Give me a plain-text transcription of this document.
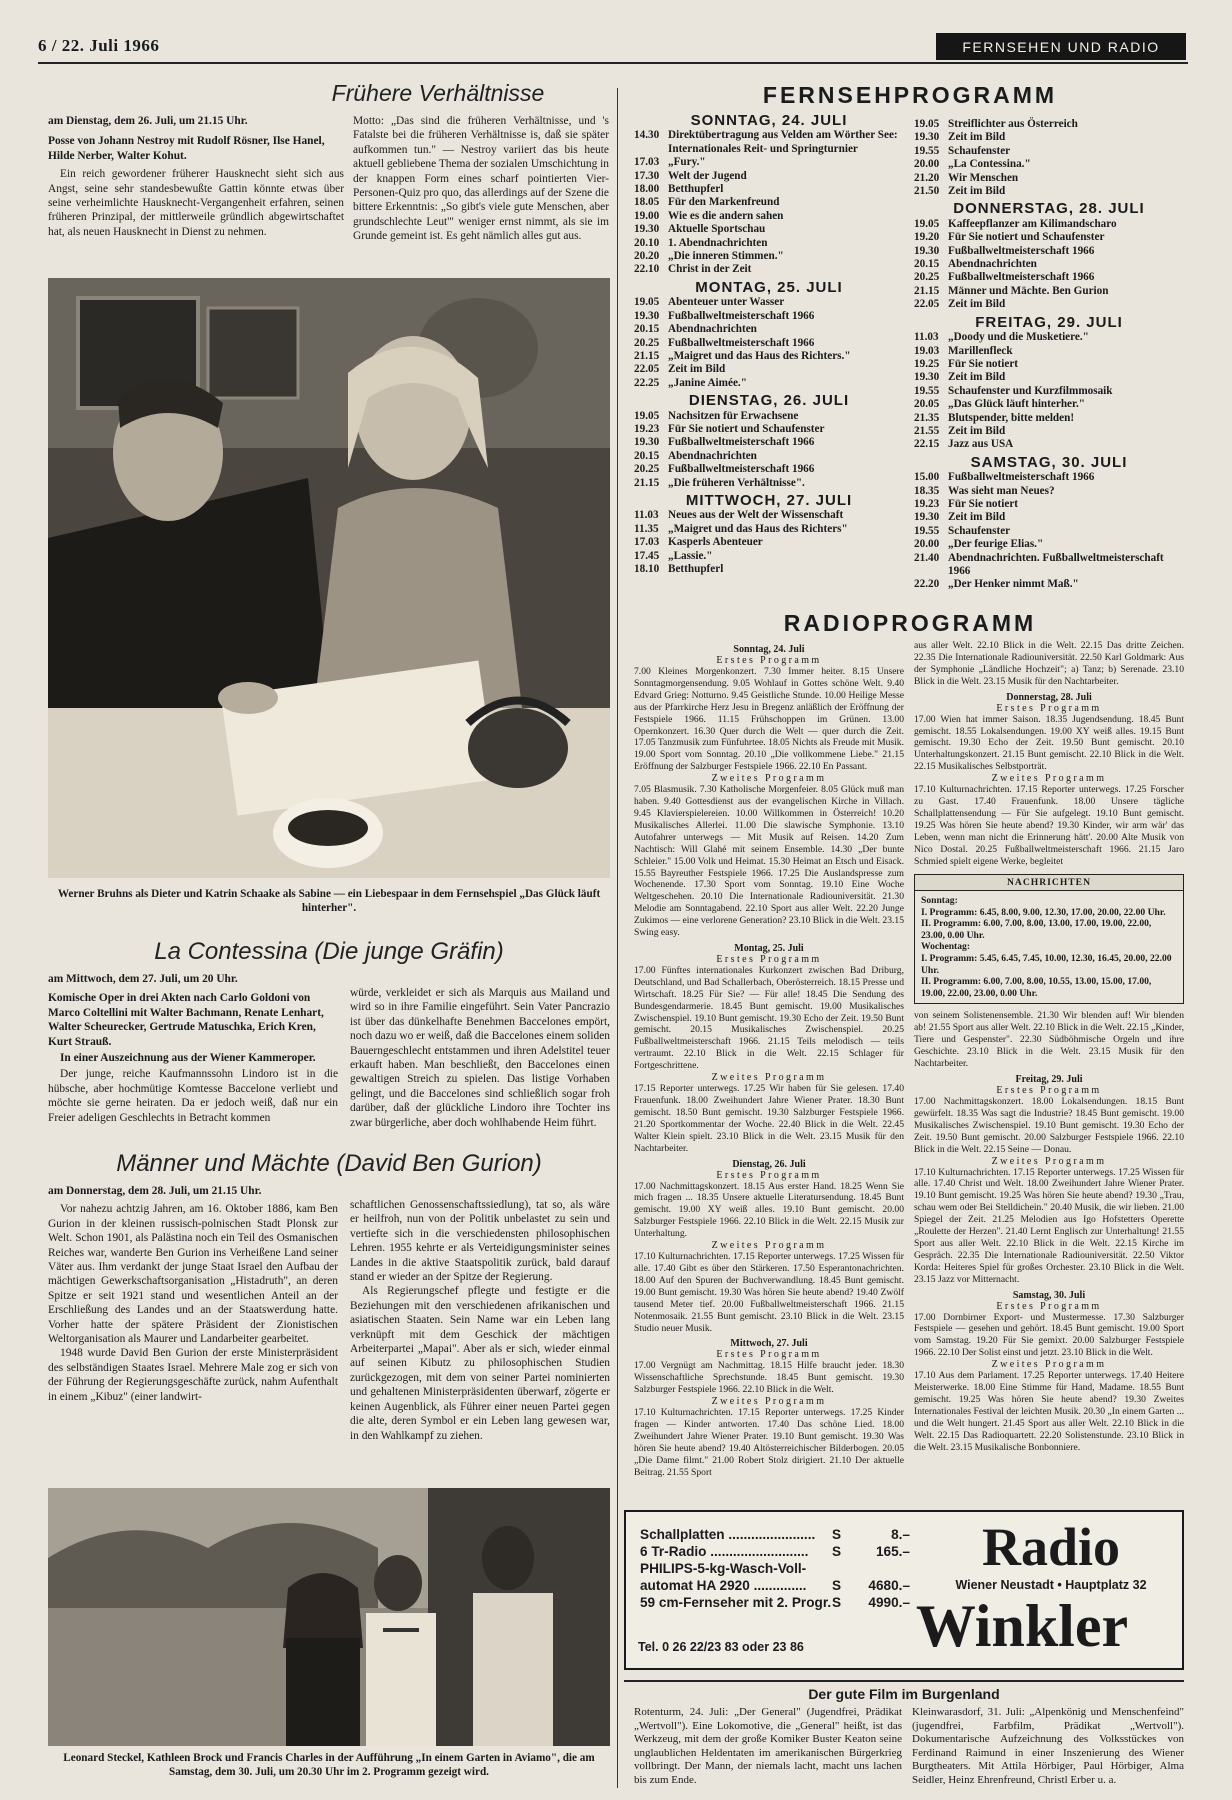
6 / 22. Juli 1966	FERNSEHEN UND RADIO
Frühere Verhältnisse
am Dienstag, dem 26. Juli, um 21.15 Uhr.
Posse von Johann Nestroy mit Rudolf Rösner, Ilse Hanel, Hilde Nerber, Walter Kohut.

Ein reich gewordener früherer Hausknecht sieht sich aus Angst, seine sehr standesbewußte Gattin könnte etwas über seine verheimlichte Hausknecht-Vergangenheit erfahren, seinen früheren Prinzipal, der mittlerweile gründlich abgewirtschaftet hat, als neuen Hausknecht in Dienst zu nehmen.

Motto: „Das sind die früheren Verhältnisse, und 's Fatalste bei die früheren Verhältnisse is, daß sie später aufkommen tun." — Nestroy variiert das bis heute aktuell gebliebene Thema der sozialen Umschichtung in der knappen Form eines scharf pointierten Vier-Personen-Quiz pro quo, das allerdings auf der Szene die bittere Erkenntnis: „So gibt's viele gute Menschen, aber grundschlechte Leut'" weniger ernst nimmt, als sie im Grunde gemeint ist. Es geht nämlich alles gut aus.

Werner Bruhns als Dieter und Katrin Schaake als Sabine — ein Liebespaar in dem Fernsehspiel „Das Glück läuft hinterher".
La Contessina (Die junge Gräfin)
am Mittwoch, dem 27. Juli, um 20 Uhr.
Komische Oper in drei Akten nach Carlo Goldoni von Marco Coltellini mit Walter Bachmann, Renate Lenhart, Walter Scheurecker, Gertrude Matuschka, Erich Kren, Kurt Strauß.
In einer Auszeichnung aus der Wiener Kammeroper.

Der junge, reiche Kaufmannssohn Lindoro ist in die hübsche, aber hochmütige Komtesse Baccelone verliebt und möchte sie gerne heiraten. Da er jedoch weiß, daß nur ein Freier adeligen Geschlechts in Betracht kommen

würde, verkleidet er sich als Marquis aus Mailand und wird so in ihre Familie eingeführt. Sein Vater Pancrazio ist über das dünkelhafte Benehmen Baccelones empört, noch dazu wo er weiß, daß die Baccelones einem soliden Bauerngeschlecht entstammen und ihren Adelstitel teuer erkauft haben. Man beschließt, den Baccelones einen gewaltigen Streich zu spielen. Das listige Vorhaben gelingt, und die Baccelones sind schließlich sogar froh darüber, daß der glückliche Lindoro ihre Tochter ins zwar bürgerliche, aber doch wohlhabende Heim führt.

Männer und Mächte (David Ben Gurion)
am Donnerstag, dem 28. Juli, um 21.15 Uhr.

Vor nahezu achtzig Jahren, am 16. Oktober 1886, kam Ben Gurion in der kleinen russisch-polnischen Stadt Plonsk zur Welt. Schon 1901, als Palästina noch ein Teil des Osmanischen Reiches war, wanderte Ben Gurion ins Verheißene Land seiner Väter aus. Ihm verdankt der junge Staat Israel den Aufbau der mächtigen Gewerkschaftsorganisation „Histadruth", an deren Spitze er seit 1921 stand und wesentlichen Anteil an der Erschließung des Landes und an der Staatswerdung hatte. Vorher hatte der spätere Präsident der Zionistischen Weltorganisation als Maurer und Landarbeiter gearbeitet.

1948 wurde David Ben Gurion der erste Ministerpräsident des selbständigen Staates Israel. Mehrere Male zog er sich von der Führung der Regierungsgeschäfte zurück, nahm Aufenthalt in einem „Kibuz" (einer landwirt-

schaftlichen Genossenschaftssiedlung), tat so, als wäre er heilfroh, nun von der Politik unbelastet zu sein und vertiefte sich in die verschiedensten philosophischen Lehren. 1955 kehrte er als Verteidigungsminister seines Landes in die aktive Staatspolitik zurück, bald darauf stand er wieder an der Spitze der Regierung.

Als Regierungschef pflegte und festigte er die Beziehungen mit den verschiedenen afrikanischen und asiatischen Staaten. Sein Name war ein Leben lang verknüpft mit dem Geschick der mächtigen Arbeiterpartei „Mapai". Aber als er sich, wieder einmal auf seinen Kibutz zu philosophischen Studien zurückgezogen, mit dem von seiner Partei nominierten und gehaltenen Ministerpräsidenten überwarf, zögerte er keinen Augenblick, als Führer einer neuen Partei gegen die alte, deren Symbol er ein Leben lang gewesen war, in den Wahlkampf zu ziehen.

Leonard Steckel, Kathleen Brock und Francis Charles in der Aufführung „In einem Garten in Aviamo", die am Samstag, dem 30. Juli, um 20.30 Uhr im 2. Programm gezeigt wird.
FERNSEHPROGRAMM
SONNTAG, 24. JULI
14.30 Direktübertragung aus Velden am Wörther See: Internationales Reit- und Springturnier
17.03 „Fury."
17.30 Welt der Jugend
18.00 Betthupferl
18.05 Für den Markenfreund
19.00 Wie es die andern sahen
19.30 Aktuelle Sportschau
20.10 1. Abendnachrichten
20.20 „Die inneren Stimmen."
22.10 Christ in der Zeit
MONTAG, 25. JULI
19.05 Abenteuer unter Wasser
19.30 Fußballweltmeisterschaft 1966
20.15 Abendnachrichten
20.25 Fußballweltmeisterschaft 1966
21.15 „Maigret und das Haus des Richters."
22.05 Zeit im Bild
22.25 „Janine Aimée."
DIENSTAG, 26. JULI
19.05 Nachsitzen für Erwachsene
19.23 Für Sie notiert und Schaufenster
19.30 Fußballweltmeisterschaft 1966
20.15 Abendnachrichten
20.25 Fußballweltmeisterschaft 1966
21.15 „Die früheren Verhältnisse".
MITTWOCH, 27. JULI
11.03 Neues aus der Welt der Wissenschaft
11.35 „Maigret und das Haus des Richters"
17.03 Kasperls Abenteuer
17.45 „Lassie."
18.10 Betthupferl
19.05 Streiflichter aus Österreich
19.30 Zeit im Bild
19.55 Schaufenster
20.00 „La Contessina."
21.20 Wir Menschen
21.50 Zeit im Bild
DONNERSTAG, 28. JULI
19.05 Kaffeepflanzer am Kilimandscharo
19.20 Für Sie notiert und Schaufenster
19.30 Fußballweltmeisterschaft 1966
20.15 Abendnachrichten
20.25 Fußballweltmeisterschaft 1966
21.15 Männer und Mächte. Ben Gurion
22.05 Zeit im Bild
FREITAG, 29. JULI
11.03 „Doody und die Musketiere."
19.03 Marillenfleck
19.25 Für Sie notiert
19.30 Zeit im Bild
19.55 Schaufenster und Kurzfilmmosaik
20.05 „Das Glück läuft hinterher."
21.35 Blutspender, bitte melden!
21.55 Zeit im Bild
22.15 Jazz aus USA
SAMSTAG, 30. JULI
15.00 Fußballweltmeisterschaft 1966
18.35 Was sieht man Neues?
19.23 Für Sie notiert
19.30 Zeit im Bild
19.55 Schaufenster
20.00 „Der feurige Elias."
21.40 Abendnachrichten. Fußballweltmeisterschaft 1966
22.20 „Der Henker nimmt Maß."
RADIOPROGRAMM
Sonntag, 24. Juli
Erstes Programm
7.00 Kleines Morgenkonzert. 7.30 Immer heiter. 8.15 Unsere Sonntagmorgensendung. 9.05 Wohlauf in Gottes schöne Welt. 9.40 Edvard Grieg: Notturno. 9.45 Geistliche Stunde. 10.00 Heilige Messe aus der Pfarrkirche Herz Jesu in Bregenz anläßlich der Eröffnung der Festspiele 1966. 11.15 Frühschoppen im Grünen. 13.00 Opernkonzert. 16.30 Quer durch die Welt — quer durch die Zeit. 17.05 Tanzmusik zum Fünfuhrtee. 18.05 Nichts als Freude mit Musik. 19.00 Sport vom Sonntag. 20.10 „Die vollkommene Liebe." 21.15 Eröffnung der Salzburger Festspiele 1966. 22.10 En Passant.
Zweites Programm
7.05 Blasmusik. 7.30 Katholische Morgenfeier. 8.05 Glück muß man haben. 9.40 Gottesdienst aus der evangelischen Kirche in Villach. 9.45 Klavierspielereien. 10.00 Willkommen in Österreich! 10.20 Musikalisches Allerlei. 11.00 Die slawische Symphonie. 13.10 Autofahrer unterwegs — Mit Musik auf Reisen. 14.20 Zum Nachtisch: Will Glahé mit seinem Ensemble. 14.30 „Der bunte Schleier." 15.00 Volk und Heimat. 15.30 Heimat an Etsch und Eisack. 15.55 Bayreuther Festspiele 1966. 17.25 Die Auslandspresse zum Wochenende. 17.30 Sport vom Sonntag. 19.10 Eine Woche Weltgeschehen. 20.10 Die Internationale Radiouniversität. 21.30 Melodie am Sonntagabend. 22.10 Sport aus aller Welt. 22.20 Junge Zukimos — eine verlorene Generation? 23.10 Blick in die Welt. 23.15 Swing easy.
Montag, 25. Juli
Erstes Programm
17.00 Fünftes internationales Kurkonzert zwischen Bad Driburg, Deutschland, und Bad Schallerbach, Oberösterreich. 18.15 Presse und Wirtschaft. 18.25 Für Sie? — Für alle! 18.45 Die Sendung des Bundesgendarmerie. 18.45 Bunt gemischt. 19.00 Musikalisches Zwischenspiel. 19.10 Bunt gemischt. 19.30 Echo der Zeit. 19.50 Bunt gemischt. 20.15 Musikalisches Zwischenspiel. 20.25 Fußballweltmeisterschaft 1966. 21.15 Teils melodisch — teils vertraumt. 22.10 Blick in die Welt. 22.15 Schlager für Fortgeschrittene.
Zweites Programm
17.15 Reporter unterwegs. 17.25 Wir haben für Sie gelesen. 17.40 Frauenfunk. 18.00 Zweihundert Jahre Wiener Prater. 18.30 Bunt gemischt. 18.50 Bunt gemischt. 19.30 Salzburger Festspiele 1966. 21.20 Sportkommentar der Woche. 22.40 Blick in die Welt. 22.45 Walter Klein spielt. 23.10 Blick in die Welt. 23.15 Musik für den Nachtarbeiter.
Dienstag, 26. Juli
Erstes Programm
17.00 Nachmittagskonzert. 18.15 Aus erster Hand. 18.25 Wenn Sie mich fragen ... 18.35 Unsere aktuelle Literatursendung. 18.45 Bunt gemischt. 19.00 XY weiß alles. 19.10 Bunt gemischt. 20.00 Salzburger Festspiele 1966. 22.10 Blick in die Welt. 22.15 Musik zur Unterhaltung.
Zweites Programm
17.10 Kulturnachrichten. 17.15 Reporter unterwegs. 17.25 Wissen für alle. 17.40 Gibt es über den Stärkeren. 17.50 Esperantonachrichten. 18.00 Auf den Spuren der Buchverwandlung. 18.45 Bunt gemischt. 19.00 Bunt gemischt. 19.30 Was hören Sie heute abend? 19.40 Zwölf tausend Meter tief. 20.00 Fußballweltmeisterschaft 1966. 21.15 Notenmosaik. 21.55 Bunt gemischt. 23.10 Blick in die Welt. 23.15 Studio neuer Musik.
Mittwoch, 27. Juli
Erstes Programm
17.00 Vergnügt am Nachmittag. 18.15 Hilfe braucht jeder. 18.30 Wissenschaftliche Sprechstunde. 18.45 Bunt gemischt. 19.30 Salzburger Festspiele 1966. 22.10 Blick in die Welt.
Zweites Programm
17.10 Kulturnachrichten. 17.15 Reporter unterwegs. 17.25 Kinder fragen — Kinder antworten. 17.40 Das schöne Lied. 18.00 Zweihundert Jahre Wiener Prater. 19.10 Bunt gemischt. 19.30 Was hören Sie heute abend? 19.40 Altösterreichischer Bilderbogen. 20.05 „Die Dame filmt." 21.00 Robert Stolz dirigiert. 21.10 Der aktuelle Beitrag. 21.55 Sport
aus aller Welt. 22.10 Blick in die Welt. 22.15 Das dritte Zeichen. 22.35 Die Internationale Radiouniversität. 22.50 Karl Goldmark: Aus der Symphonie „Ländliche Hochzeit"; a) Tanz; b) Serenade. 23.10 Blick in die Welt. 23.15 Musik für den Nachtarbeiter.
Donnerstag, 28. Juli
Erstes Programm
17.00 Wien hat immer Saison. 18.35 Jugendsendung. 18.45 Bunt gemischt. 18.55 Lokalsendungen. 19.00 XY weiß alles. 19.15 Bunt gemischt. 19.30 Echo der Zeit. 19.50 Bunt gemischt. 20.10 Unterhaltungskonzert. 21.15 Bunt gemischt. 22.10 Blick in die Welt. 22.15 Musikalisches Selbstporträt.
Zweites Programm
17.10 Kulturnachrichten. 17.15 Reporter unterwegs. 17.25 Forscher zu Gast. 17.40 Frauenfunk. 18.00 Unsere tägliche Schallplattensendung — Für Sie aufgelegt. 19.10 Bunt gemischt. 19.25 Was hören Sie heute abend? 19.30 Kinder, wir arm wär' das Leben, wenn man nicht die Erinnerung hätt'. 20.00 Alte Musik von Nico Dostal. 20.25 Fußballweltmeisterschaft 1966. 21.15 Jaro Schmied spielt eigene Werke, begleitet
NACHRICHTEN
Sonntag:
I. Programm: 6.45, 8.00, 9.00, 12.30, 17.00, 20.00, 22.00 Uhr.
II. Programm: 6.00, 7.00, 8.00, 13.00, 17.00, 19.00, 22.00, 23.00, 0.00 Uhr.
Wochentag:
I. Programm: 5.45, 6.45, 7.45, 10.00, 12.30, 16.45, 20.00, 22.00 Uhr.
II. Programm: 6.00, 7.00, 8.00, 10.55, 13.00, 15.00, 17.00, 19.00, 22.00, 23.00, 0.00 Uhr.
von seinem Solistenensemble. 21.30 Wir blenden auf! Wir blenden ab! 21.55 Sport aus aller Welt. 22.10 Blick in die Welt. 22.15 „Kinder, Tiere und Gespenster". 22.30 Südböhmische Orgeln und ihre Geschichte. 23.10 Blick in die Welt. 23.15 Musik für den Nachtarbeiter.
Freitag, 29. Juli
Erstes Programm
17.00 Nachmittagskonzert. 18.00 Lokalsendungen. 18.15 Bunt gewürfelt. 18.35 Was sagt die Industrie? 18.45 Bunt gemischt. 19.00 Musikalisches Zwischenspiel. 19.10 Bunt gemischt. 19.30 Echo der Zeit. 19.50 Bunt gemischt. 20.00 Salzburger Festspiele 1966. 22.10 Blick in die Welt. 22.15 Seine — Donau.
Zweites Programm
17.10 Kulturnachrichten. 17.15 Reporter unterwegs. 17.25 Wissen für alle. 17.40 Christ und Welt. 18.00 Zweihundert Jahre Wiener Prater. 19.10 Bunt gemischt. 19.25 Was hören Sie heute abend? 19.30 „Trau, schau wem oder Bei Stelldichein." 20.40 Musik, die wir lieben. 21.00 Spiegel der Zeit. 21.25 Melodien aus Igo Hofstetters Operette „Roulette der Herzen". 21.40 Lernt Englisch zur Unterhaltung! 21.55 Sport aus aller Welt. 22.10 Blick in die Welt. 22.15 Kirche im Gespräch. 22.35 Die Internationale Radiouniversität. 22.50 Viktor Korda: Heiteres Spiel für großes Orchester. 23.10 Blick in die Welt. 23.15 Jazz vor Mitternacht.
Samstag, 30. Juli
Erstes Programm
17.00 Dornbirner Export- und Mustermesse. 17.30 Salzburger Festspiele — gesehen und gehört. 18.45 Bunt gemischt. 19.00 Sport vom Samstag. 19.20 Für Sie gemixt. 20.00 Salzburger Festspiele 1966. 22.10 Der Solist einst und jetzt. 23.10 Blick in die Welt.
Zweites Programm
17.10 Aus dem Parlament. 17.25 Reporter unterwegs. 17.40 Heitere Meisterwerke. 18.00 Eine Stimme für Hand, Madame. 18.55 Bunt gemischt. 19.25 Was hören Sie heute abend? 19.30 Zweites Internationales Festival der leichten Musik. 20.30 „In einem Garten ... und die Welt hungert. 21.45 Sport aus aller Welt. 22.10 Blick in die Welt. 22.15 Das Radioquartett. 22.20 Solistenstunde. 23.10 Blick in die Welt. 23.15 Musikalische Bonbonniere.
Schallplatten .......................	S	8.–
6 Tr-Radio ..........................	S	165.–
PHILIPS-5-kg-Wasch-Voll-
automat HA 2920 ..............	S	4680.–
59 cm-Fernseher mit 2. Progr. S	4990.–
Radio
Wiener Neustadt • Hauptplatz 32
Winkler
Tel. 0 26 22/23 83 oder 23 86
Der gute Film im Burgenland
Rotenturm, 24. Juli: „Der General" (Jugendfrei, Prädikat „Wertvoll"). Eine Lokomotive, die „General" heißt, ist das Werkzeug, mit dem der große Komiker Buster Keaton seine unglaublichen Heldentaten im amerikanischen Bürgerkrieg vollbringt. Der Mann, der niemals lacht, macht uns lachen bis zum Ende.
Kleinwarasdorf, 31. Juli: „Alpenkönig und Menschenfeind" (jugendfrei, Farbfilm, Prädikat „Wertvoll"). Dokumentarische Aufzeichnung des Volksstückes von Ferdinand Raimund in einer Inszenierung des Wiener Burgtheaters. Mit Attila Hörbiger, Paul Hörbiger, Alma Seidler, Heinz Ehrenfreund, Christl Erber u. a.
